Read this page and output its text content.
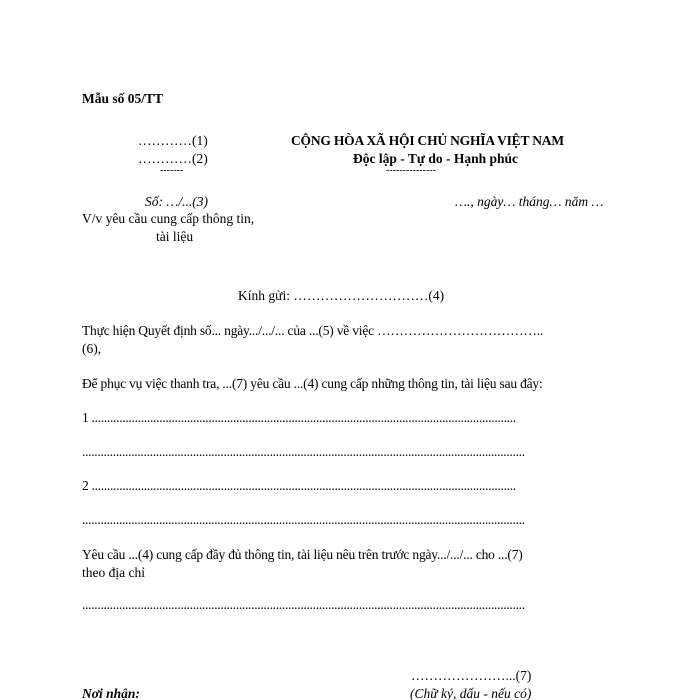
Mẫu số 05/TT
…………(1)
…………(2)
-------
Số: …/...(3)
V/v yêu cầu cung cấp thông tin,
tài liệu
CỘNG HÒA XÃ HỘI CHỦ NGHĨA VIỆT NAM
Độc lập - Tự do - Hạnh phúc
---------------
…., ngày… tháng… năm …
Kính gửi: …………………………(4)
Thực hiện Quyết định số... ngày.../.../... của ...(5) về việc ………………………………..
(6),
Để phục vụ việc thanh tra, ...(7) yêu cầu ...(4) cung cấp những thông tin, tài liệu sau đây:
1 ..........................................................................................................................................
................................................................................................................................................
2 ..........................................................................................................................................
................................................................................................................................................
Yêu cầu ...(4) cung cấp đầy đủ thông tin, tài liệu nêu trên trước ngày.../.../... cho ...(7)
theo địa chỉ
................................................................................................................................................
…………………...(7)
Nơi nhận:	(Chữ ký, dấu - nếu có)
